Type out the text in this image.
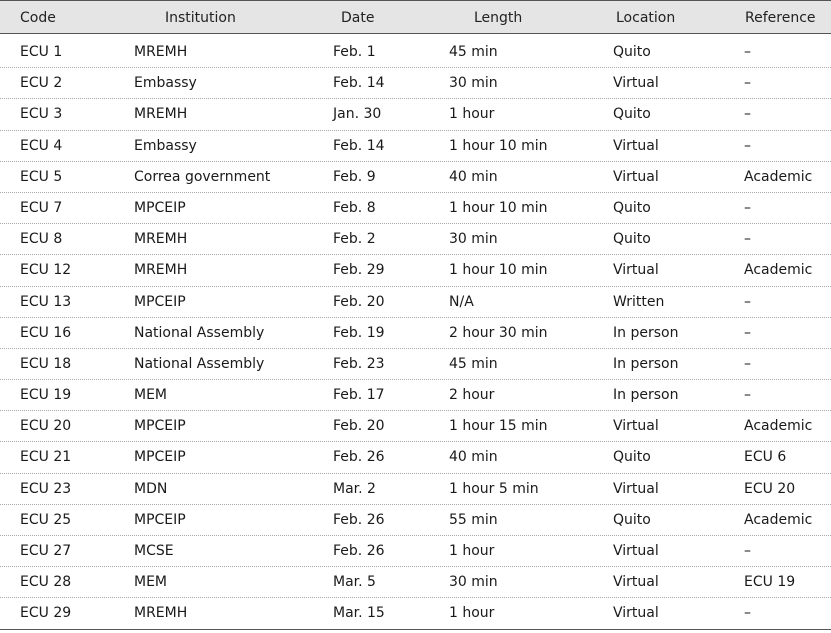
Code	Institution	Date	Length	Location	Reference
ECU 1	MREMH	Feb. 1	45 min	Quito	–
ECU 2	Embassy	Feb. 14	30 min	Virtual	–
ECU 3	MREMH	Jan. 30	1 hour	Quito	–
ECU 4	Embassy	Feb. 14	1 hour 10 min	Virtual	–
ECU 5	Correa government	Feb. 9	40 min	Virtual	Academic
ECU 7	MPCEIP	Feb. 8	1 hour 10 min	Quito	–
ECU 8	MREMH	Feb. 2	30 min	Quito	–
ECU 12	MREMH	Feb. 29	1 hour 10 min	Virtual	Academic
ECU 13	MPCEIP	Feb. 20	N/A	Written	–
ECU 16	National Assembly	Feb. 19	2 hour 30 min	In person	–
ECU 18	National Assembly	Feb. 23	45 min	In person	–
ECU 19	MEM	Feb. 17	2 hour	In person	–
ECU 20	MPCEIP	Feb. 20	1 hour 15 min	Virtual	Academic
ECU 21	MPCEIP	Feb. 26	40 min	Quito	ECU 6
ECU 23	MDN	Mar. 2	1 hour 5 min	Virtual	ECU 20
ECU 25	MPCEIP	Feb. 26	55 min	Quito	Academic
ECU 27	MCSE	Feb. 26	1 hour	Virtual	–
ECU 28	MEM	Mar. 5	30 min	Virtual	ECU 19
ECU 29	MREMH	Mar. 15	1 hour	Virtual	–
